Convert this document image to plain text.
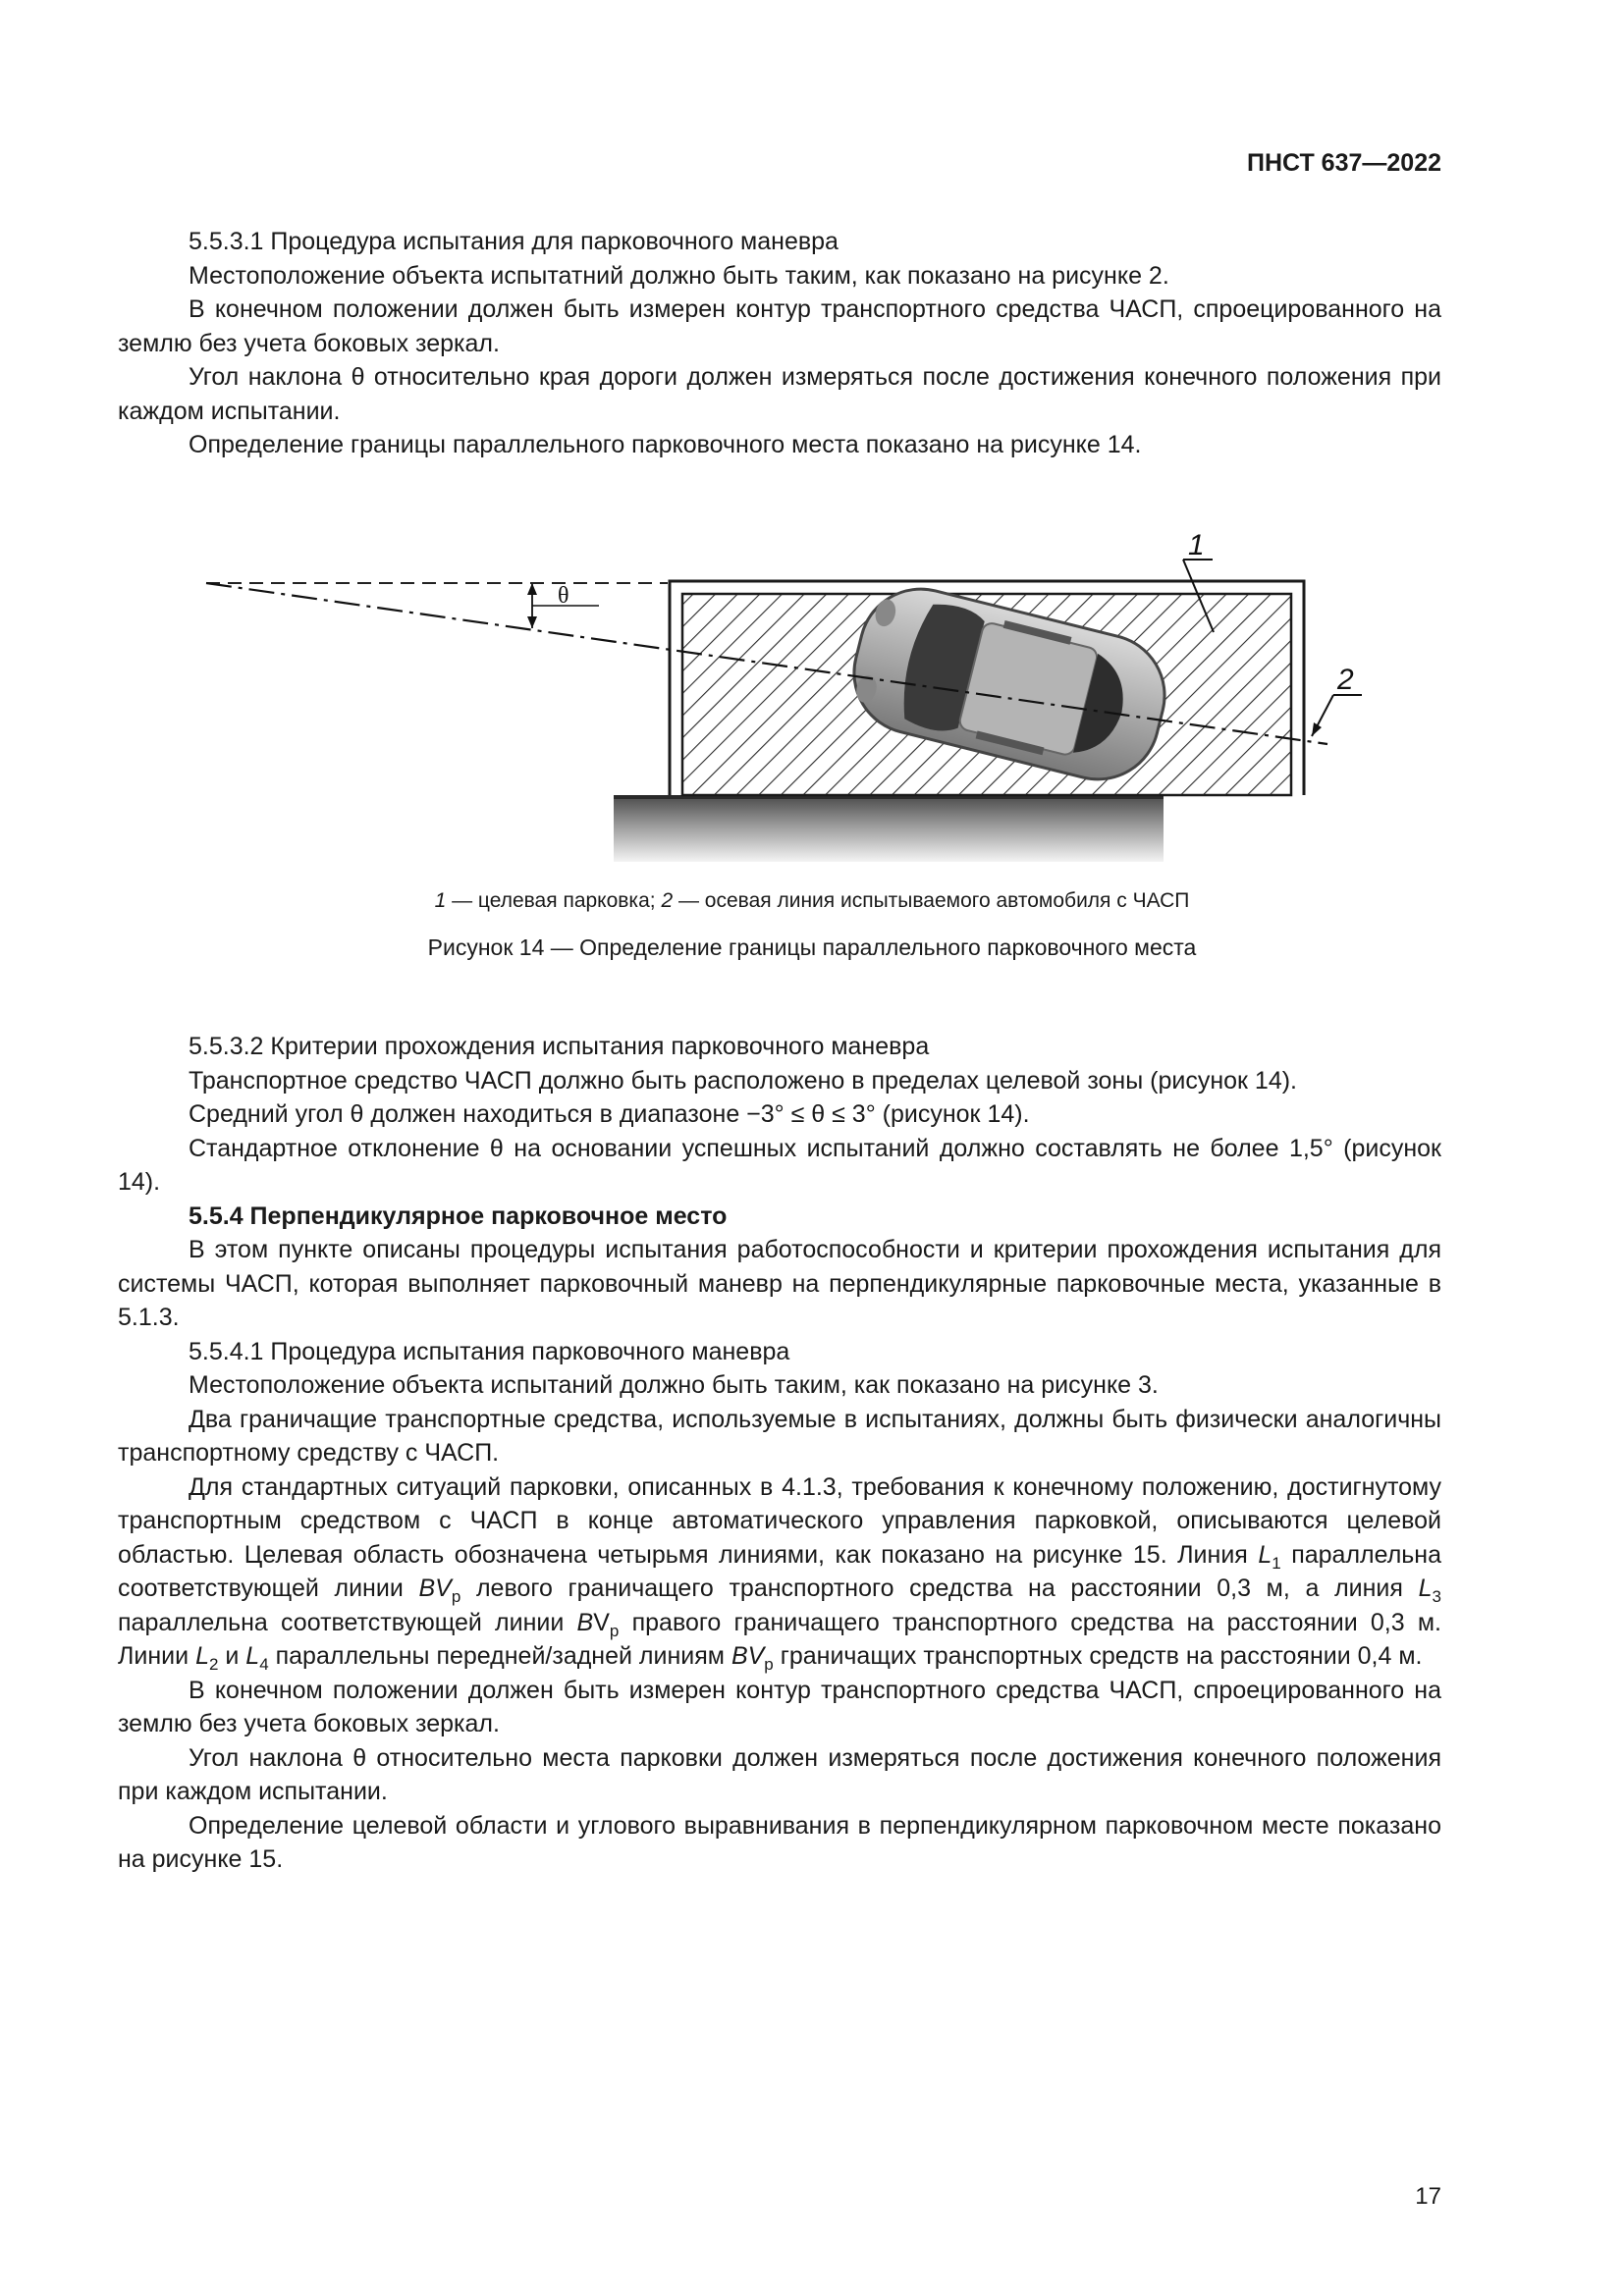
ПНСТ 637—2022

5.5.3.1 Процедура испытания для парковочного маневра

Местоположение объекта испытатний должно быть таким, как показано на рисунке 2.

В конечном положении должен быть измерен контур транспортного средства ЧАСП, спроецированного на землю без учета боковых зеркал.

Угол наклона θ относительно края дороги должен измеряться после достижения конечного положения при каждом испытании.

Определение границы параллельного парковочного места показано на рисунке 14.

θ
1
2
1 — целевая парковка; 2 — осевая линия испытываемого автомобиля с ЧАСП
Рисунок 14 — Определение границы параллельного парковочного места

5.5.3.2 Критерии прохождения испытания парковочного маневра

Транспортное средство ЧАСП должно быть расположено в пределах целевой зоны (рисунок 14).

Средний угол θ должен находиться в диапазоне −3° ≤ θ ≤ 3° (рисунок 14).

Стандартное отклонение θ на основании успешных испытаний должно составлять не более 1,5° (рисунок 14).

5.5.4 Перпендикулярное парковочное место

В этом пункте описаны процедуры испытания работоспособности и критерии прохождения испытания для системы ЧАСП, которая выполняет парковочный маневр на перпендикулярные парковочные места, указанные в 5.1.3.

5.5.4.1 Процедура испытания парковочного маневра

Местоположение объекта испытаний должно быть таким, как показано на рисунке 3.

Два граничащие транспортные средства, используемые в испытаниях, должны быть физически аналогичны транспортному средству с ЧАСП.

Для стандартных ситуаций парковки, описанных в 4.1.3, требования к конечному положению, достигнутому транспортным средством с ЧАСП в конце автоматического управления парковкой, описываются целевой областью. Целевая область обозначена четырьмя линиями, как показано на рисунке 15. Линия $L_1$ параллельна соответствующей линии $BV_р$ левого граничащего транспортного средства на расстоянии 0,3 м, а линия $L_3$ параллельна соответствующей линии $BV_р$ правого граничащего транспортного средства на расстоянии 0,3 м. Линии $L_2$ и $L_4$ параллельны передней/задней линиям $BV_р$ граничащих транспортных средств на расстоянии 0,4 м.

В конечном положении должен быть измерен контур транспортного средства ЧАСП, спроецированного на землю без учета боковых зеркал.

Угол наклона θ относительно места парковки должен измеряться после достижения конечного положения при каждом испытании.

Определение целевой области и углового выравнивания в перпендикулярном парковочном месте показано на рисунке 15.

17
